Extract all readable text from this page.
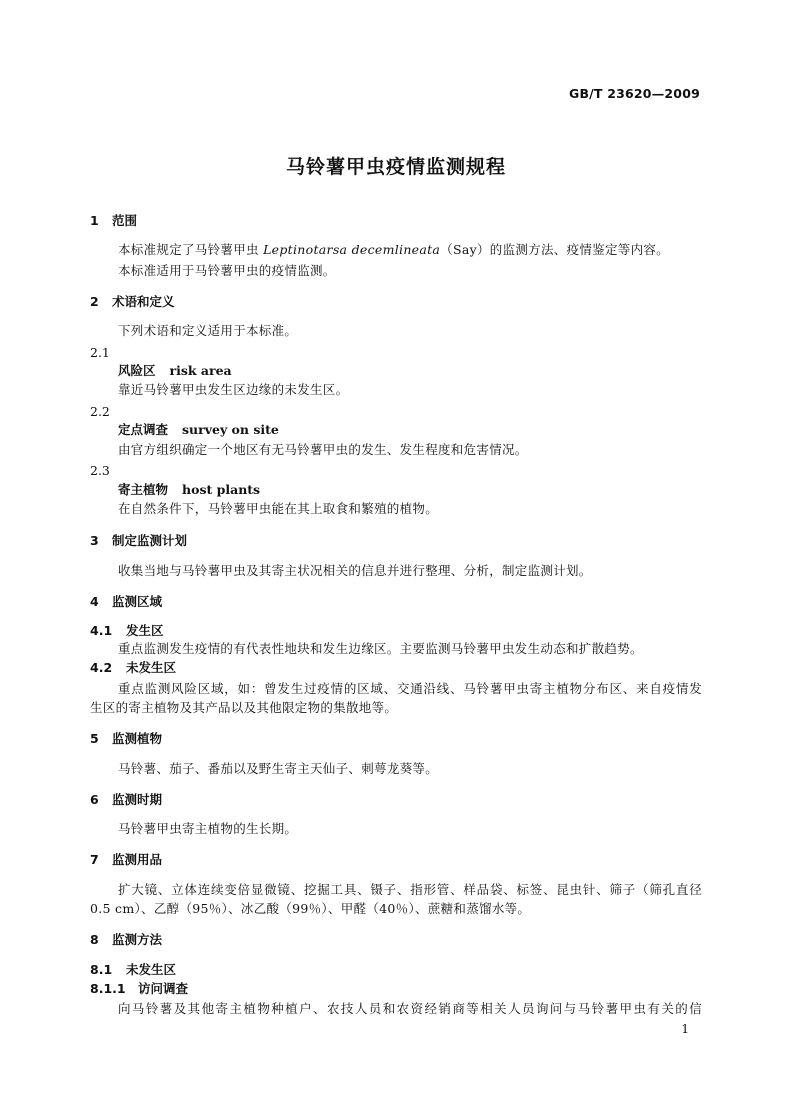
GB/T 23620—2009
马铃薯甲虫疫情监测规程
1 范围
本标准规定了马铃薯甲虫 Leptinotarsa decemlineata（Say）的监测方法、疫情鉴定等内容。
本标准适用于马铃薯甲虫的疫情监测。
2 术语和定义
下列术语和定义适用于本标准。
2.1
风险区 risk area
靠近马铃薯甲虫发生区边缘的未发生区。
2.2
定点调查 survey on site
由官方组织确定一个地区有无马铃薯甲虫的发生、发生程度和危害情况。
2.3
寄主植物 host plants
在自然条件下，马铃薯甲虫能在其上取食和繁殖的植物。
3 制定监测计划
收集当地与马铃薯甲虫及其寄主状况相关的信息并进行整理、分析，制定监测计划。
4 监测区域
4.1 发生区
重点监测发生疫情的有代表性地块和发生边缘区。主要监测马铃薯甲虫发生动态和扩散趋势。
4.2 未发生区
重点监测风险区域，如：曾发生过疫情的区域、交通沿线、马铃薯甲虫寄主植物分布区、来自疫情发
生区的寄主植物及其产品以及其他限定物的集散地等。
5 监测植物
马铃薯、茄子、番茄以及野生寄主天仙子、刺萼龙葵等。
6 监测时期
马铃薯甲虫寄主植物的生长期。
7 监测用品
扩大镜、立体连续变倍显微镜、挖掘工具、镊子、指形管、样品袋、标签、昆虫针、筛子（筛孔直径
0.5 cm）、乙醇（95％）、冰乙酸（99％）、甲醛（40％）、蔗糖和蒸馏水等。
8 监测方法
8.1 未发生区
8.1.1 访问调查
向马铃薯及其他寄主植物种植户、农技人员和农资经销商等相关人员询问与马铃薯甲虫有关的信
1
